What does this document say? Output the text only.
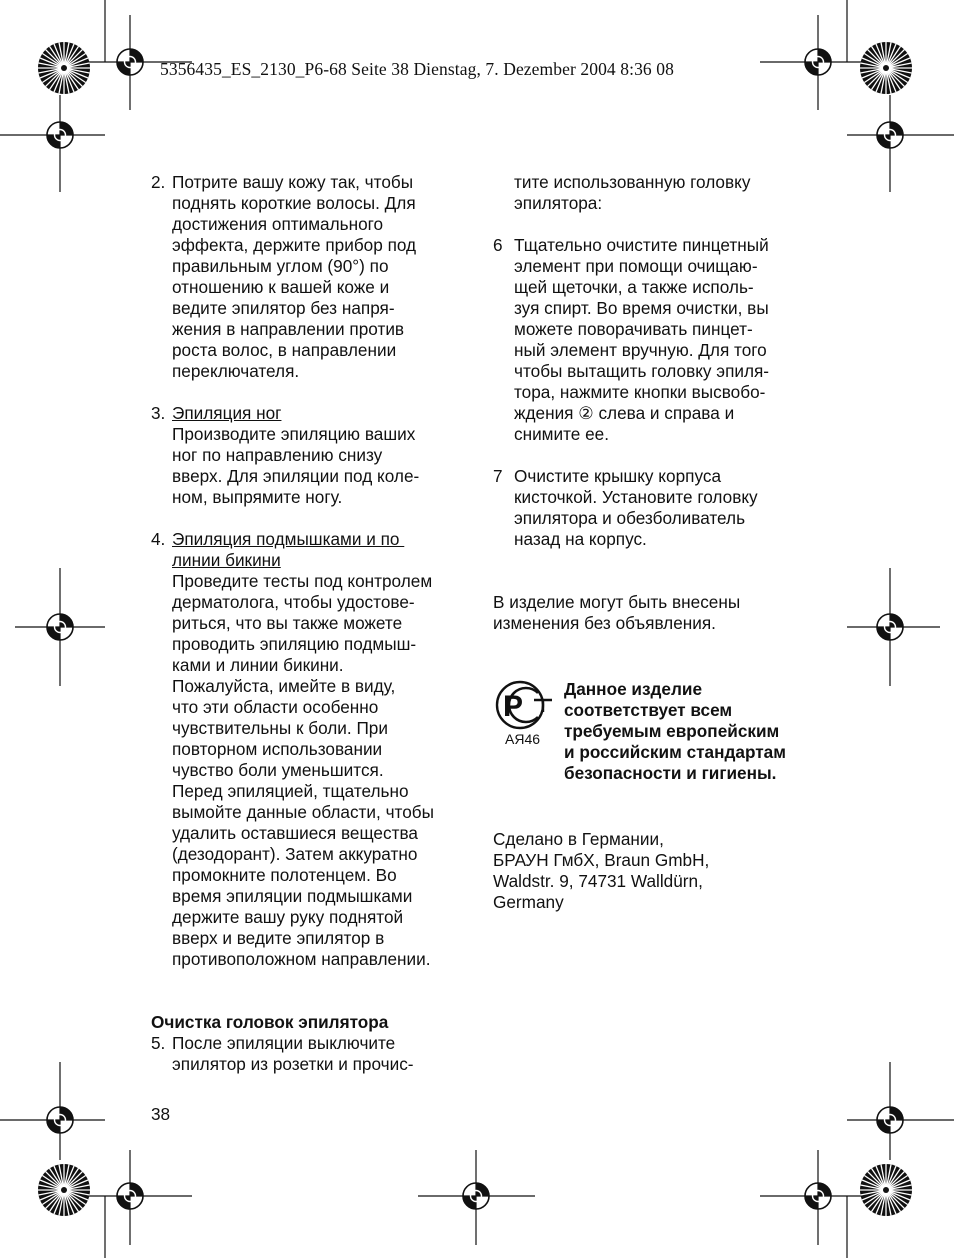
5356435_ES_2130_P6-68 Seite 38 Dienstag, 7. Dezember 2004 8:36 08
2. Потрите вашу кожу так, чтобы
поднять короткие волосы. Для
достижения оптимального
эффекта, держите прибор под
правильным углом (90°) по
отношению к вашей коже и
ведите эпилятор без напря-
жения в направлении против
роста волос, в направлении
переключателя.
3. Эпиляция ног
Производите эпиляцию ваших
ног по направлению снизу
вверх. Для эпиляции под коле-
ном, выпрямите ногу.
4. Эпиляция подмышками и по
линии бикини
Проведите тесты под контролем
дерматолога, чтобы удостове-
риться, что вы также можете
проводить эпиляцию подмыш-
ками и линии бикини.
Пожалуйста, имейте в виду,
что эти области особенно
чувствительны к боли. При
повторном использовании
чувство боли уменьшится.
Перед эпиляцией, тщательно
вымойте данные области, чтобы
удалить оставшиеся вещества
(дезодорант). Затем аккуратно
промокните полотенцем. Во
время эпиляции подмышками
держите вашу руку поднятой
вверх и ведите эпилятор в
противоположном направлении.

Очистка головок эпилятора

5. После эпиляции выключите
эпилятор из розетки и прочис-
тите использованную головку
эпилятора:
6 Тщательно очистите пинцетный
элемент при помощи очищаю-
щей щеточки, а также исполь-
зуя спирт. Во время очистки, вы
можете поворачивать пинцет-
ный элемент вручную. Для того
чтобы вытащить головку эпиля-
тора, нажмите кнопки высвобо-
ждения ② слева и справа и
снимите ее.
7 Очистите крышку корпуса
кисточкой. Установите головку
эпилятора и обезболиватель
назад на корпус.
В изделие могут быть внесены
изменения без объявления.
P
АЯ46
Данное изделие
соответствует всем
требуемым европейским
и российским стандартам
безопасности и гигиены.
Сделано в Германии,
БРАУН ГмбХ, Braun GmbH,
Waldstr. 9, 74731 Walldürn,
Germany
38
